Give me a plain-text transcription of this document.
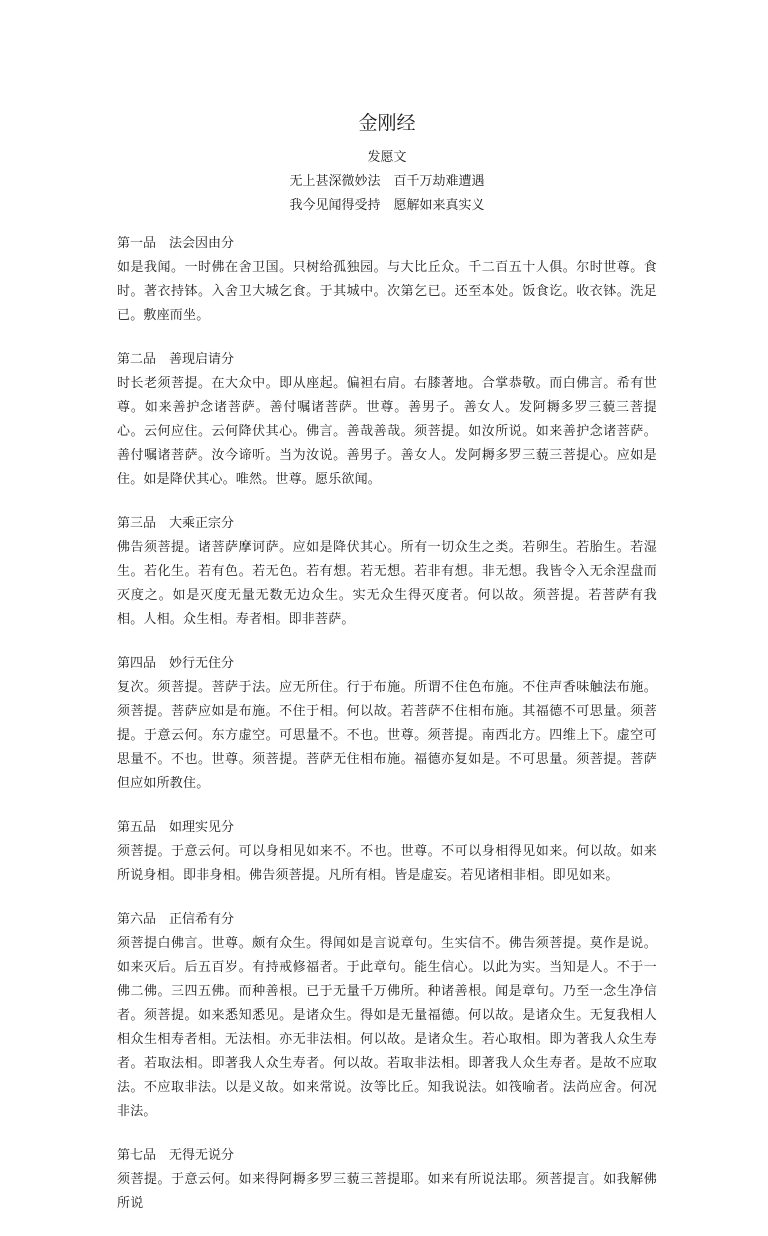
金刚经
发愿文
无上甚深微妙法　百千万劫难遭遇
我今见闻得受持　愿解如来真实义
第一品　法会因由分
如是我闻。一时佛在舍卫国。只树给孤独园。与大比丘众。千二百五十人俱。尔时世尊。食时。著衣持钵。入舍卫大城乞食。于其城中。次第乞已。还至本处。饭食讫。收衣钵。洗足已。敷座而坐。
第二品　善现启请分
时长老须菩提。在大众中。即从座起。偏袒右肩。右膝著地。合掌恭敬。而白佛言。希有世尊。如来善护念诸菩萨。善付嘱诸菩萨。世尊。善男子。善女人。发阿耨多罗三藐三菩提心。云何应住。云何降伏其心。佛言。善哉善哉。须菩提。如汝所说。如来善护念诸菩萨。善付嘱诸菩萨。汝今谛听。当为汝说。善男子。善女人。发阿耨多罗三藐三菩提心。应如是住。如是降伏其心。唯然。世尊。愿乐欲闻。
第三品　大乘正宗分
佛告须菩提。诸菩萨摩诃萨。应如是降伏其心。所有一切众生之类。若卵生。若胎生。若湿生。若化生。若有色。若无色。若有想。若无想。若非有想。非无想。我皆令入无余涅盘而灭度之。如是灭度无量无数无边众生。实无众生得灭度者。何以故。须菩提。若菩萨有我相。人相。众生相。寿者相。即非菩萨。
第四品　妙行无住分
复次。须菩提。菩萨于法。应无所住。行于布施。所谓不住色布施。不住声香味触法布施。须菩提。菩萨应如是布施。不住于相。何以故。若菩萨不住相布施。其福德不可思量。须菩提。于意云何。东方虚空。可思量不。不也。世尊。须菩提。南西北方。四维上下。虚空可思量不。不也。世尊。须菩提。菩萨无住相布施。福德亦复如是。不可思量。须菩提。菩萨但应如所教住。
第五品　如理实见分
须菩提。于意云何。可以身相见如来不。不也。世尊。不可以身相得见如来。何以故。如来所说身相。即非身相。佛告须菩提。凡所有相。皆是虚妄。若见诸相非相。即见如来。
第六品　正信希有分
须菩提白佛言。世尊。颇有众生。得闻如是言说章句。生实信不。佛告须菩提。莫作是说。如来灭后。后五百岁。有持戒修福者。于此章句。能生信心。以此为实。当知是人。不于一佛二佛。三四五佛。而种善根。已于无量千万佛所。种诸善根。闻是章句。乃至一念生净信者。须菩提。如来悉知悉见。是诸众生。得如是无量福德。何以故。是诸众生。无复我相人相众生相寿者相。无法相。亦无非法相。何以故。是诸众生。若心取相。即为著我人众生寿者。若取法相。即著我人众生寿者。何以故。若取非法相。即著我人众生寿者。是故不应取法。不应取非法。以是义故。如来常说。汝等比丘。知我说法。如筏喻者。法尚应舍。何况非法。
第七品　无得无说分
须菩提。于意云何。如来得阿耨多罗三藐三菩提耶。如来有所说法耶。须菩提言。如我解佛所说
